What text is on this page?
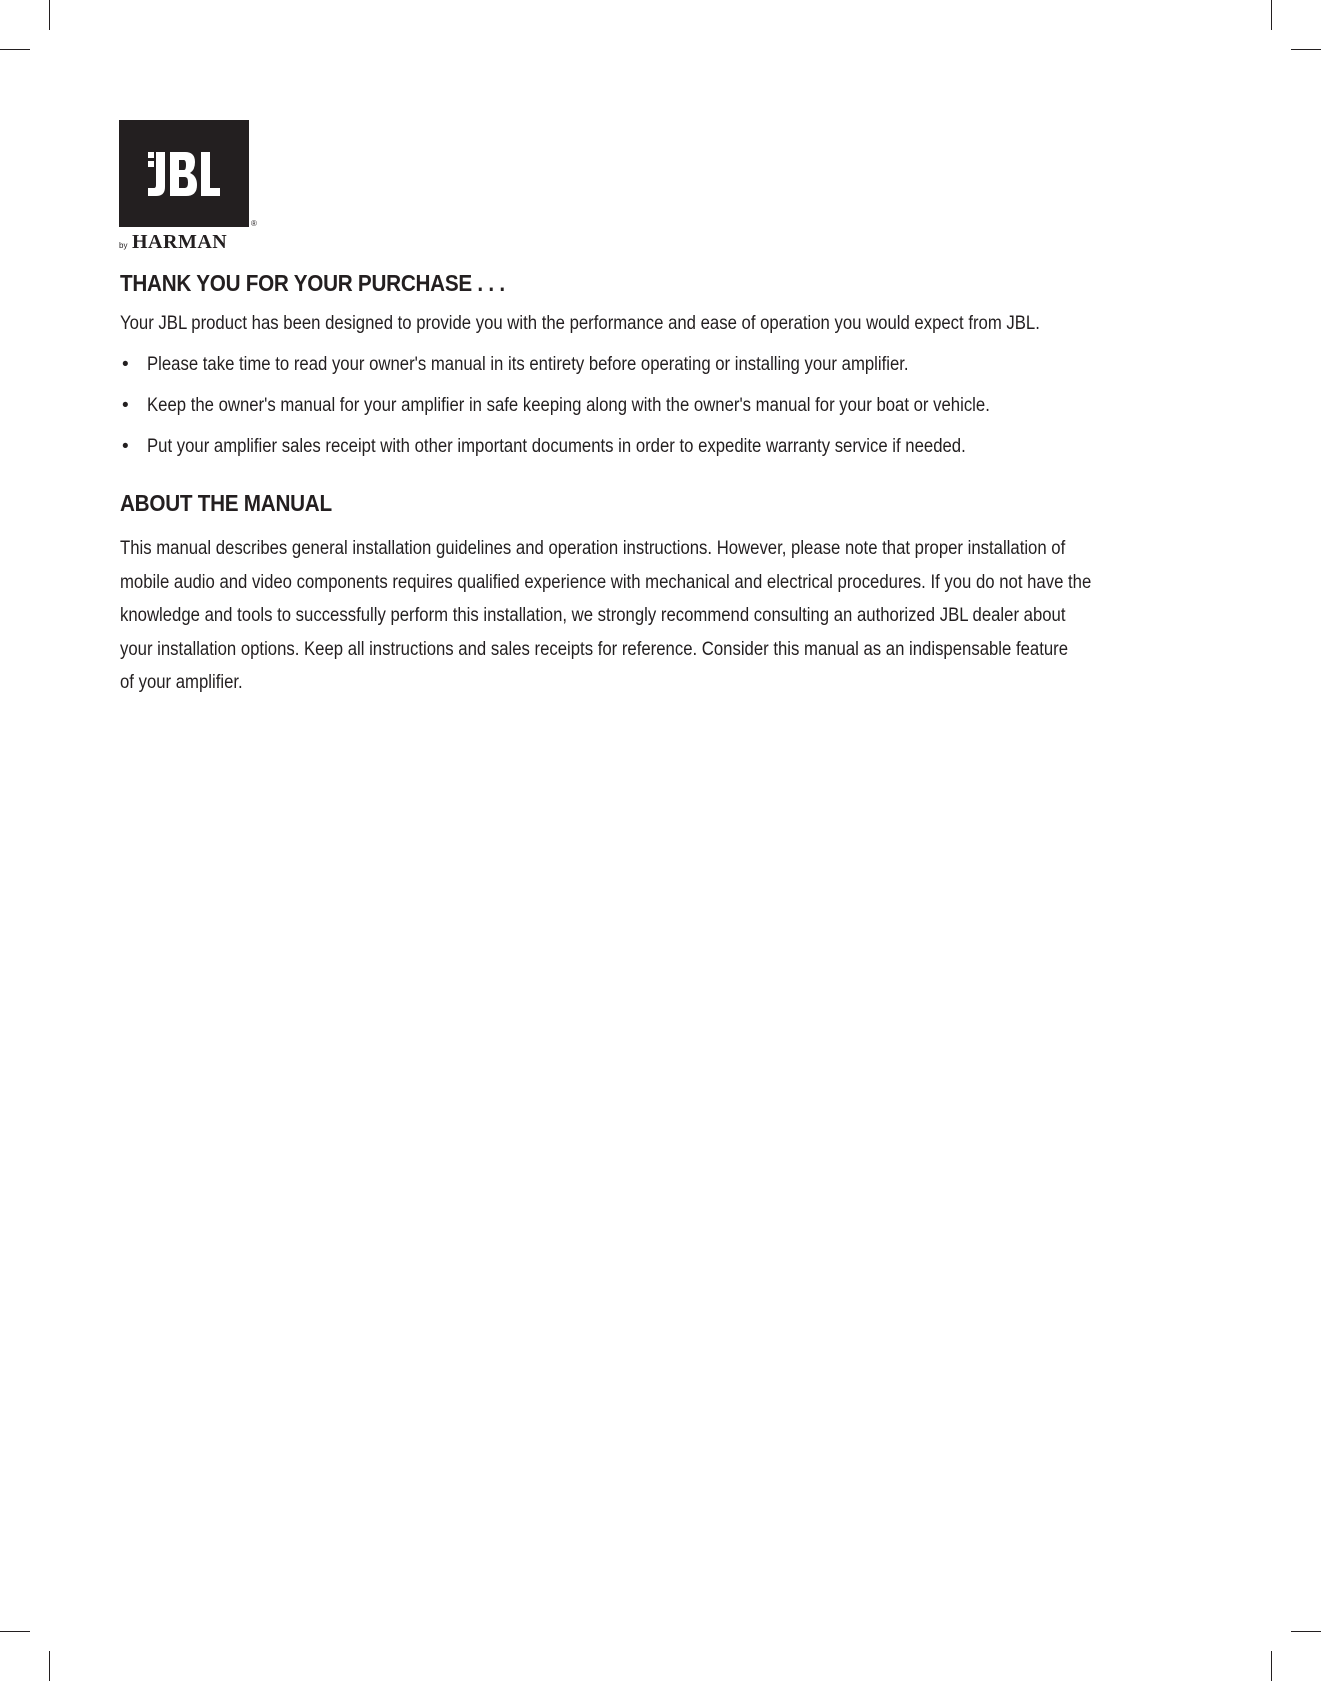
®
by HARMAN
THANK YOU FOR YOUR PURCHASE . . .

Your JBL product has been designed to provide you with the performance and ease of operation you would expect from JBL.

• Please take time to read your owner's manual in its entirety before operating or installing your amplifier.
• Keep the owner's manual for your amplifier in safe keeping along with the owner's manual for your boat or vehicle.
• Put your amplifier sales receipt with other important documents in order to expedite warranty service if needed.
ABOUT THE MANUAL
This manual describes general installation guidelines and operation instructions. However, please note that proper installation of
mobile audio and video components requires qualified experience with mechanical and electrical procedures. If you do not have the
knowledge and tools to successfully perform this installation, we strongly recommend consulting an authorized JBL dealer about
your installation options. Keep all instructions and sales receipts for reference. Consider this manual as an indispensable feature
of your amplifier.
